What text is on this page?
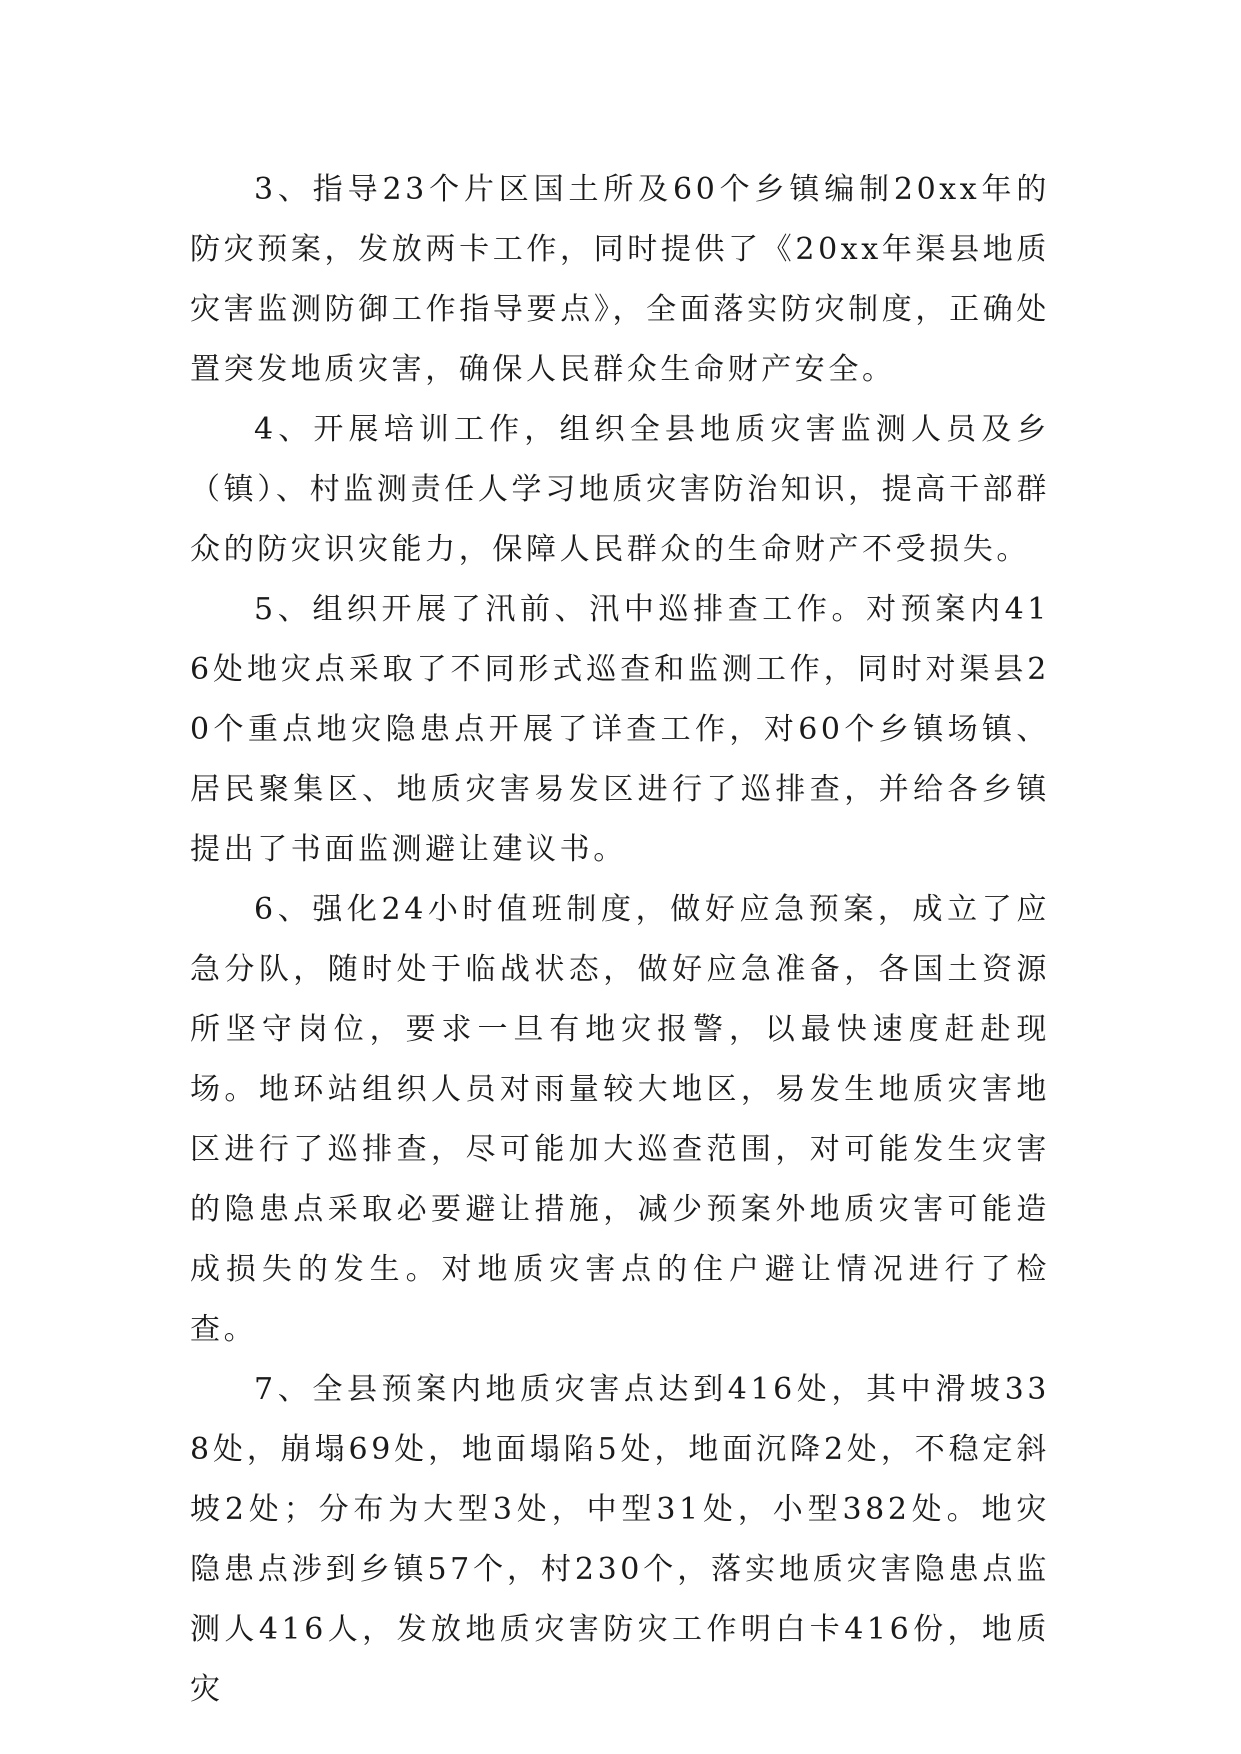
3、指导23个片区国土所及60个乡镇编制20xx年的防灾预案，发放两卡工作，同时提供了《20xx年渠县地质灾害监测防御工作指导要点》，全面落实防灾制度，正确处置突发地质灾害，确保人民群众生命财产安全。

4、开展培训工作，组织全县地质灾害监测人员及乡（镇）、村监测责任人学习地质灾害防治知识，提高干部群众的防灾识灾能力，保障人民群众的生命财产不受损失。

5、组织开展了汛前、汛中巡排查工作。对预案内416处地灾点采取了不同形式巡查和监测工作，同时对渠县20个重点地灾隐患点开展了详查工作，对60个乡镇场镇、居民聚集区、地质灾害易发区进行了巡排查，并给各乡镇提出了书面监测避让建议书。

6、强化24小时值班制度，做好应急预案，成立了应急分队，随时处于临战状态，做好应急准备，各国土资源所坚守岗位，要求一旦有地灾报警，以最快速度赶赴现场。地环站组织人员对雨量较大地区，易发生地质灾害地区进行了巡排查，尽可能加大巡查范围，对可能发生灾害的隐患点采取必要避让措施，减少预案外地质灾害可能造成损失的发生。对地质灾害点的住户避让情况进行了检查。

7、全县预案内地质灾害点达到416处，其中滑坡338处，崩塌69处，地面塌陷5处，地面沉降2处，不稳定斜坡2处；分布为大型3处，中型31处，小型382处。地灾隐患点涉到乡镇57个，村230个，落实地质灾害隐患点监测人416人，发放地质灾害防灾工作明白卡416份，地质灾
